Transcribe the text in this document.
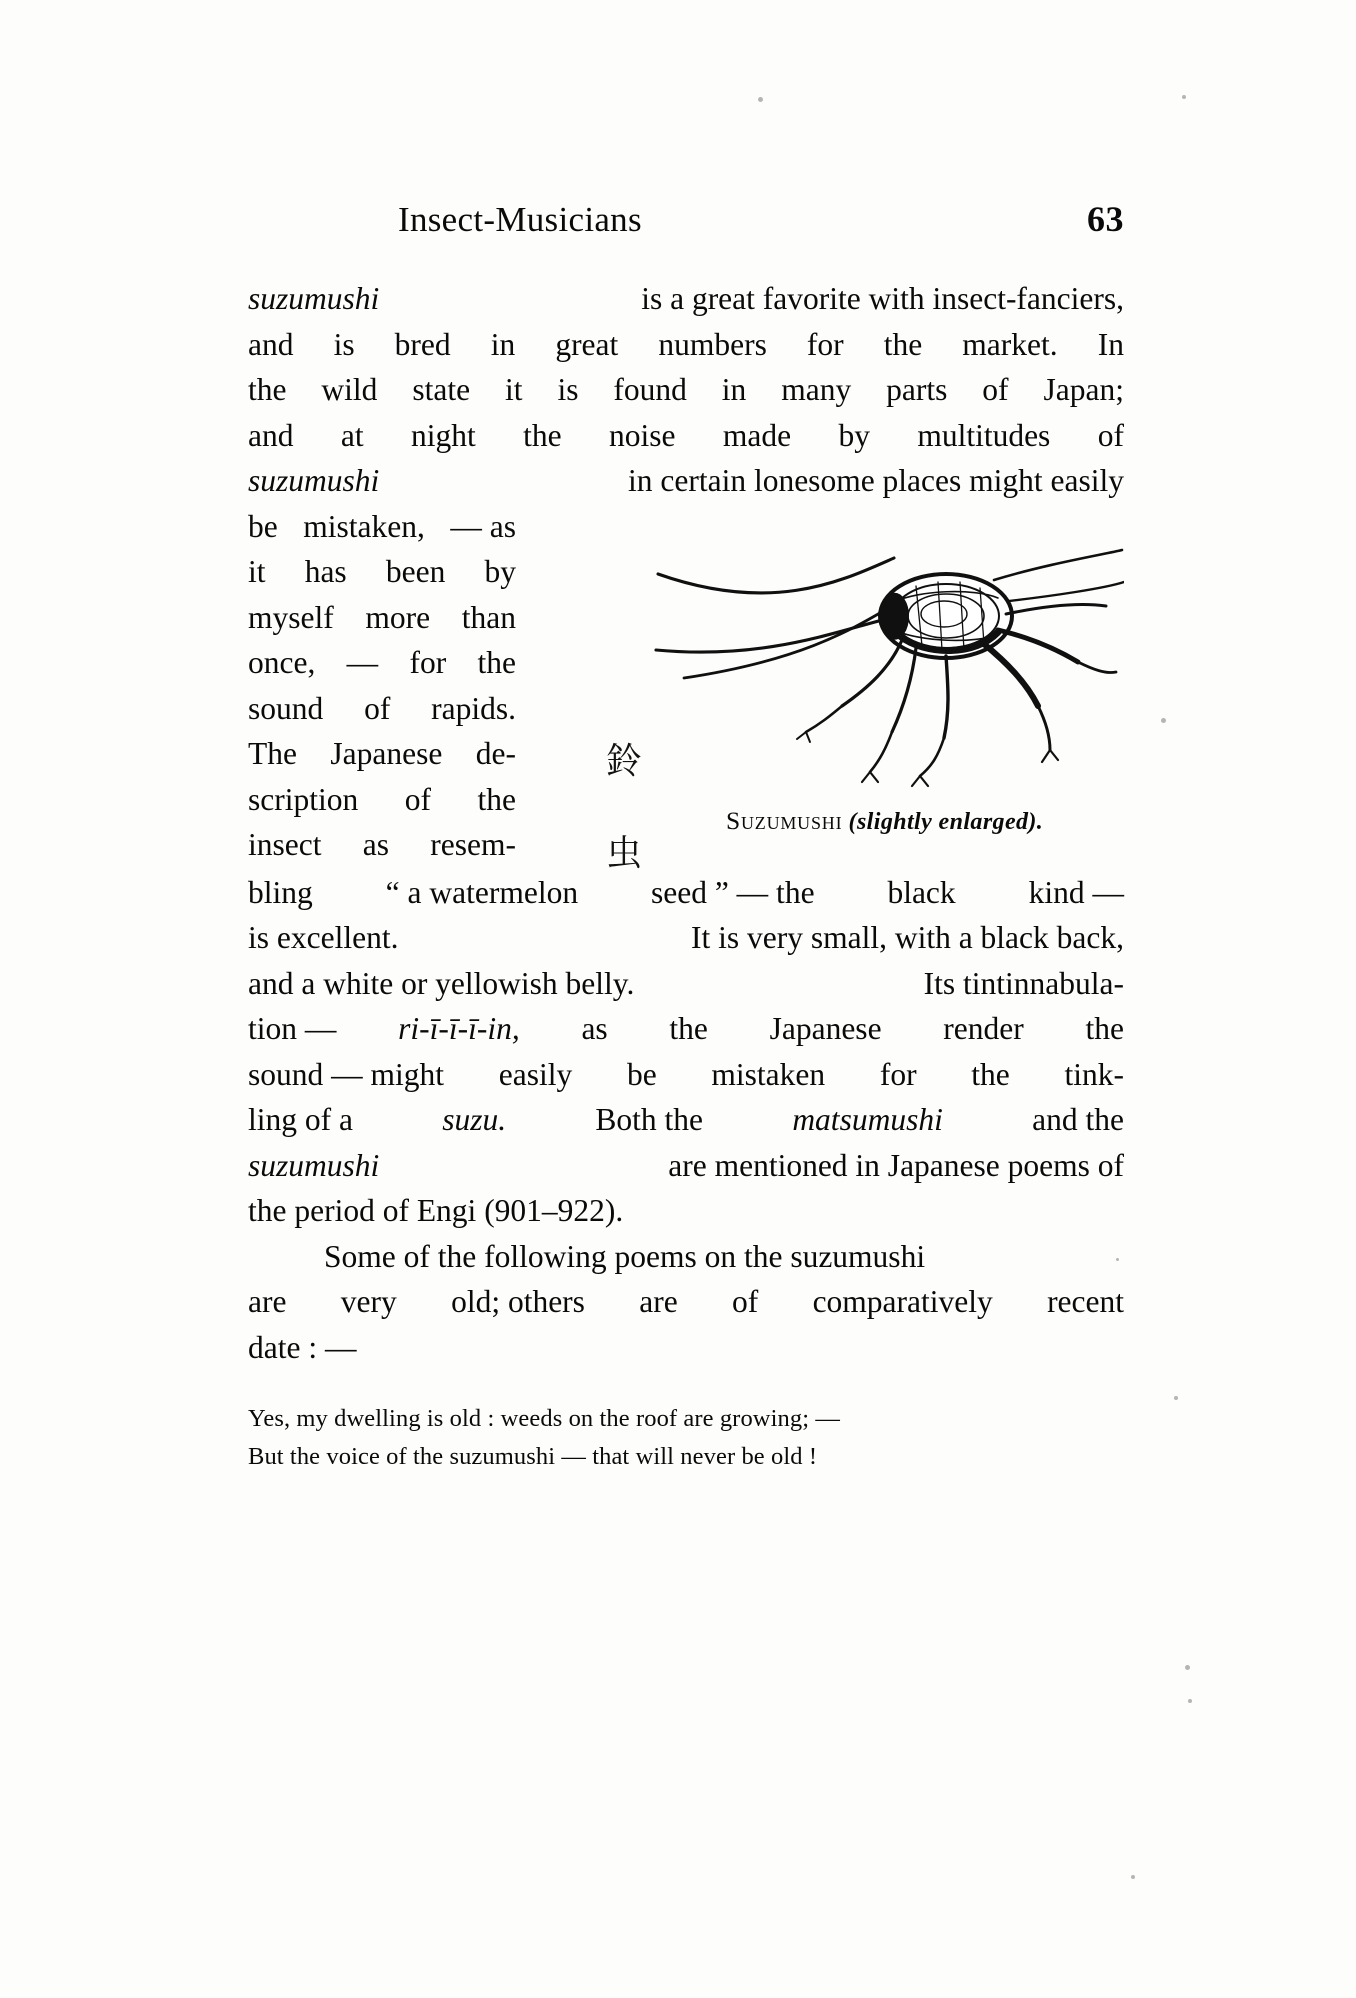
Insect-Musicians	63
suzumushi	is a great favorite with insect-fanciers,
and is bred in great numbers for the market. In
the wild state it is found in many parts of Japan;
and at night the noise made by multitudes of
suzumushi	in certain lonesome places might easily
鈴
虫
Suzumushi (slightly enlarged).
be mistaken, — as
it has been by
myself more than
once, — for the
sound of rapids.
The Japanese de-
scription of the
insect as resem-
bling “ a watermelon seed ” — the black kind —
is excellent.	It is very small, with a black back,
and a white or yellowish belly.	Its tintinnabula-
tion — ri-ī-ī-ī-in, as the Japanese render the
sound — might easily be mistaken for the tink-
ling of a	suzu.	Both the	matsumushi	and the
suzumushi	are mentioned in Japanese poems of
the period of Engi (901–922).
Some of the following poems on the suzumushi
are very old; others are of comparatively recent
date : —
Yes, my dwelling is old : weeds on the roof are growing; —
But the voice of the suzumushi — that will never be old !
